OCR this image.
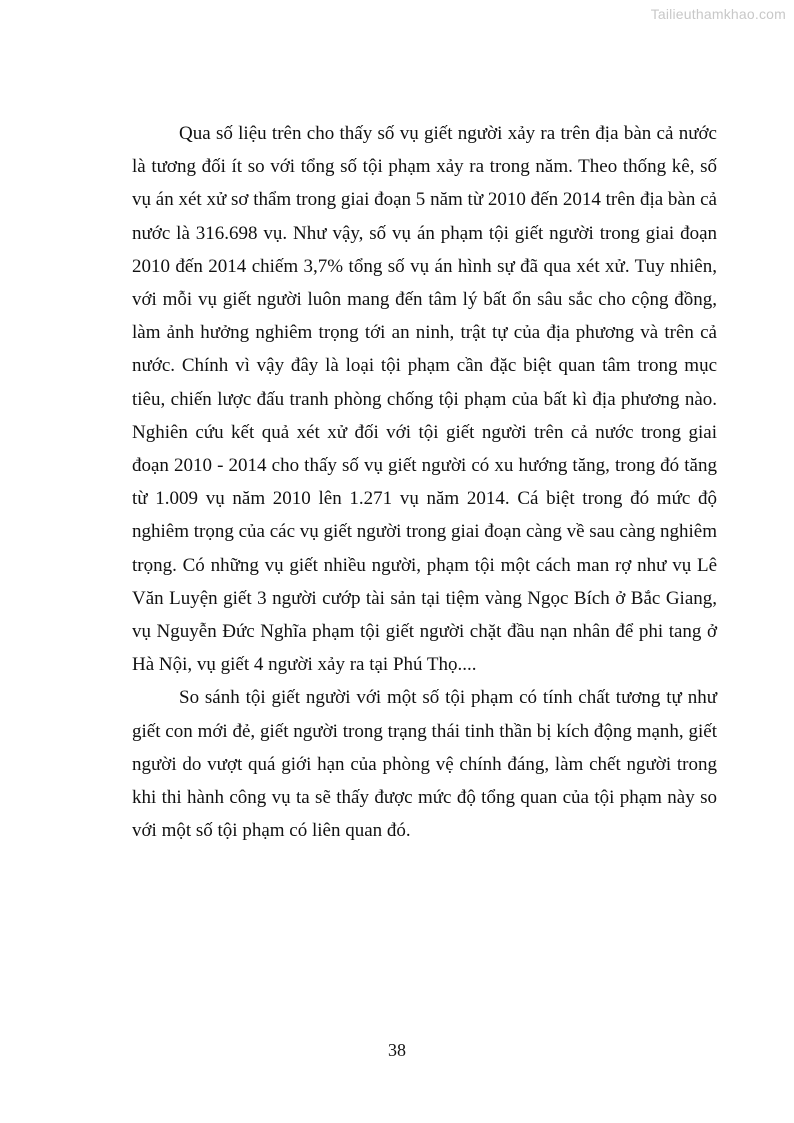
Tailieuthamkhao.com

Qua số liệu trên cho thấy số vụ giết người xảy ra trên địa bàn cả nước là tương đối ít so với tổng số tội phạm xảy ra trong năm. Theo thống kê, số vụ án xét xử sơ thẩm trong giai đoạn 5 năm từ 2010 đến 2014 trên địa bàn cả nước là 316.698 vụ. Như vậy, số vụ án phạm tội giết người trong giai đoạn 2010 đến 2014 chiếm 3,7% tổng số vụ án hình sự đã qua xét xử. Tuy nhiên, với mỗi vụ giết người luôn mang đến tâm lý bất ổn sâu sắc cho cộng đồng, làm ảnh hưởng nghiêm trọng tới an ninh, trật tự của địa phương và trên cả nước. Chính vì vậy đây là loại tội phạm cần đặc biệt quan tâm trong mục tiêu, chiến lược đấu tranh phòng chống tội phạm của bất kì địa phương nào. Nghiên cứu kết quả xét xử đối với tội giết người trên cả nước trong giai đoạn 2010 - 2014 cho thấy số vụ giết người có xu hướng tăng, trong đó tăng từ 1.009 vụ năm 2010 lên 1.271 vụ năm 2014. Cá biệt trong đó mức độ nghiêm trọng của các vụ giết người trong giai đoạn càng về sau càng nghiêm trọng. Có những vụ giết nhiều người, phạm tội một cách man rợ như vụ Lê Văn Luyện giết 3 người cướp tài sản tại tiệm vàng Ngọc Bích ở Bắc Giang, vụ Nguyễn Đức Nghĩa phạm tội giết người chặt đầu nạn nhân để phi tang ở Hà Nội, vụ giết 4 người xảy ra tại Phú Thọ....

So sánh tội giết người với một số tội phạm có tính chất tương tự như giết con mới đẻ, giết người trong trạng thái tinh thần bị kích động mạnh, giết người do vượt quá giới hạn của phòng vệ chính đáng, làm chết người trong khi thi hành công vụ ta sẽ thấy được mức độ tổng quan của tội phạm này so với một số tội phạm có liên quan đó.

38
